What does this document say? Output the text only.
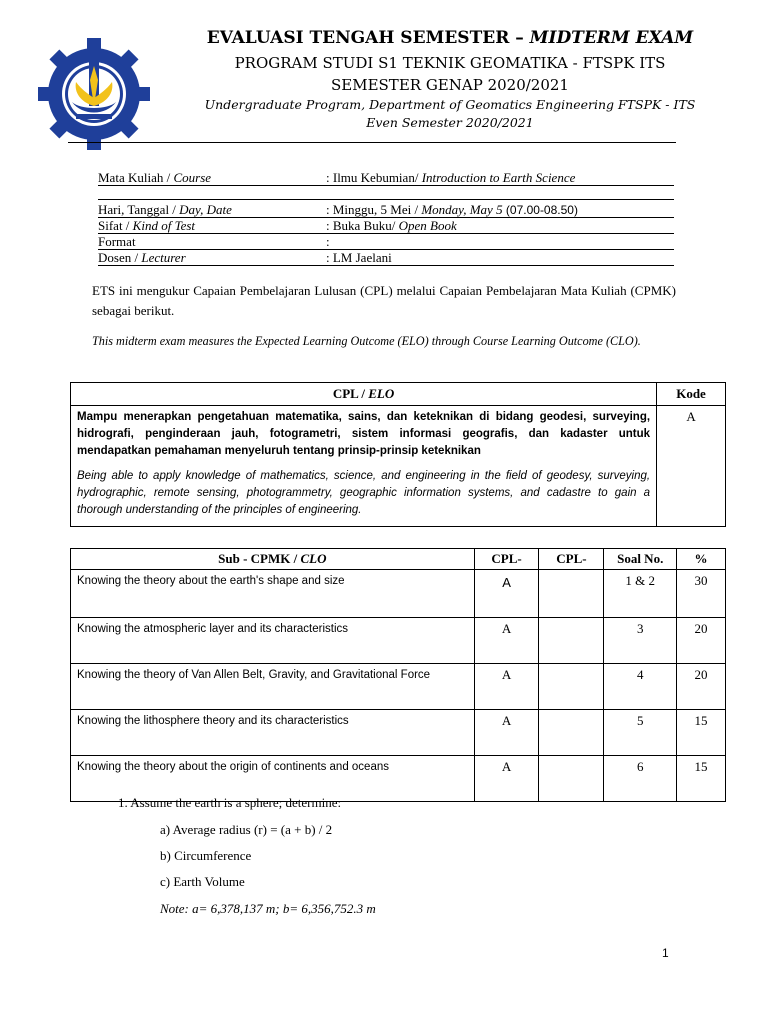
EVALUASI TENGAH SEMESTER – MIDTERM EXAM
PROGRAM STUDI S1 TEKNIK GEOMATIKA - FTSPK ITS
SEMESTER GENAP 2020/2021
Undergraduate Program, Department of Geomatics Engineering FTSPK - ITS
Even Semester 2020/2021
Mata Kuliah / Course	: Ilmu Kebumian/ Introduction to Earth Science
Hari, Tanggal / Day, Date	: Minggu, 5 Mei / Monday, May 5 (07.00-08.50)
Sifat / Kind of Test	: Buka Buku/ Open Book
Format	:
Dosen / Lecturer	: LM Jaelani
ETS ini mengukur Capaian Pembelajaran Lulusan (CPL) melalui Capaian Pembelajaran Mata Kuliah (CPMK) sebagai berikut.
This midterm exam measures the Expected Learning Outcome (ELO) through Course Learning Outcome (CLO).
CPL / ELO	Kode
Mampu menerapkan pengetahuan matematika, sains, dan keteknikan di bidang geodesi, surveying, hidrografi, penginderaan jauh, fotogrametri, sistem informasi geografis, dan kadaster untuk mendapatkan pemahaman menyeluruh tentang prinsip-prinsip keteknikan
Being able to apply knowledge of mathematics, science, and engineering in the field of geodesy, surveying, hydrographic, remote sensing, photogrammetry, geographic information systems, and cadastre to gain a thorough understanding of the principles of engineering.	A
Sub - CPMK / CLO	CPL-	CPL-	Soal No.	%
Knowing the theory about the earth's shape and size	A		1 & 2	30
Knowing the atmospheric layer and its characteristics	A		3	20
Knowing the theory of Van Allen Belt, Gravity, and Gravitational Force	A		4	20
Knowing the lithosphere theory and its characteristics	A		5	15
Knowing the theory about the origin of continents and oceans	A		6	15
1. Assume the earth is a sphere; determine:
a) Average radius (r) = (a + b) / 2
b) Circumference
c) Earth Volume
Note: a= 6,378,137 m; b= 6,356,752.3 m
1
